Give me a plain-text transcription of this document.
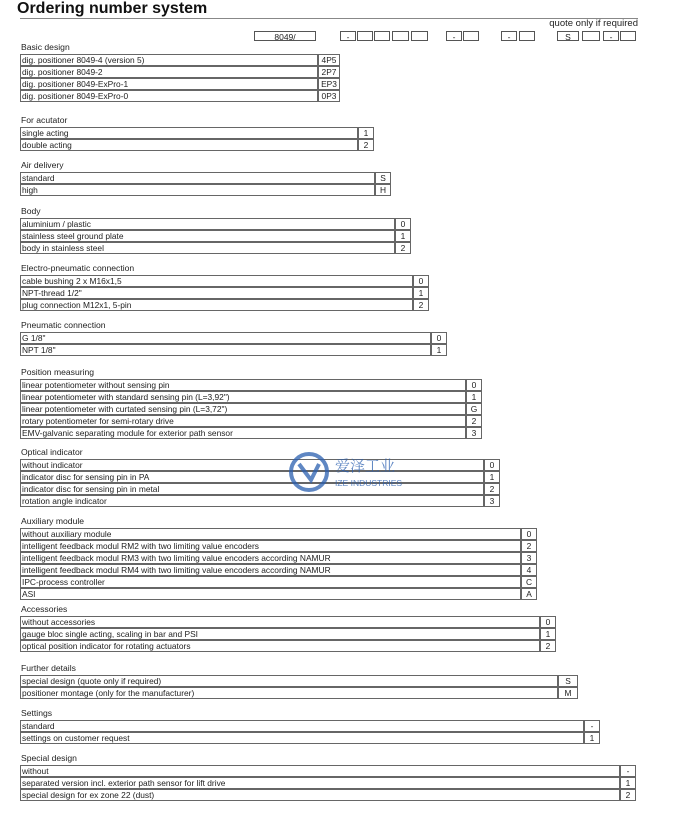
Ordering number system
quote only if required
8049/	-	-	-	S	-
Basic design
dig. positioner 8049-4 (version 5)	4P5
dig. positioner 8049-2	2P7
dig. positioner 8049-ExPro-1	EP3
dig. positioner 8049-ExPro-0	0P3
For acutator
single acting	1
double acting	2
Air delivery
standard	S
high	H
Body
aluminium / plastic	0
stainless steel ground plate	1
body in stainless steel	2
Electro-pneumatic connection
cable bushing 2 x M16x1,5	0
NPT-thread 1/2"	1
plug connection M12x1, 5-pin	2
Pneumatic connection
G 1/8"	0
NPT 1/8"	1
Position measuring
linear potentiometer without sensing pin	0
linear potentiometer with standard sensing pin (L=3,92")	1
linear potentiometer with curtated sensing pin (L=3,72")	G
rotary potentiometer for semi-rotary drive	2
EMV-galvanic separating module for exterior path sensor	3
Optical indicator
without indicator	0
indicator disc for sensing pin in PA	1
indicator disc for sensing pin in metal	2
rotation angle indicator	3
Auxiliary module
without auxiliary module	0
intelligent feedback modul RM2 with two limiting value encoders	2
intelligent feedback modul RM3 with two limiting value encoders according NAMUR	3
intelligent feedback modul RM4 with two limiting value encoders according NAMUR	4
IPC-process controller	C
ASI	A
Accessories
without accessories	0
gauge bloc single acting, scaling in bar and PSI	1
optical position indicator for rotating actuators	2
Further details
special design (quote only if required)	S
positioner montage (only for the manufacturer)	M
Settings
standard	-
settings on customer request	1
Special design
without	-
separated version incl. exterior path sensor for lift drive	1
special design for ex zone 22 (dust)	2
爱泽工业
IZE INDUSTRIES
